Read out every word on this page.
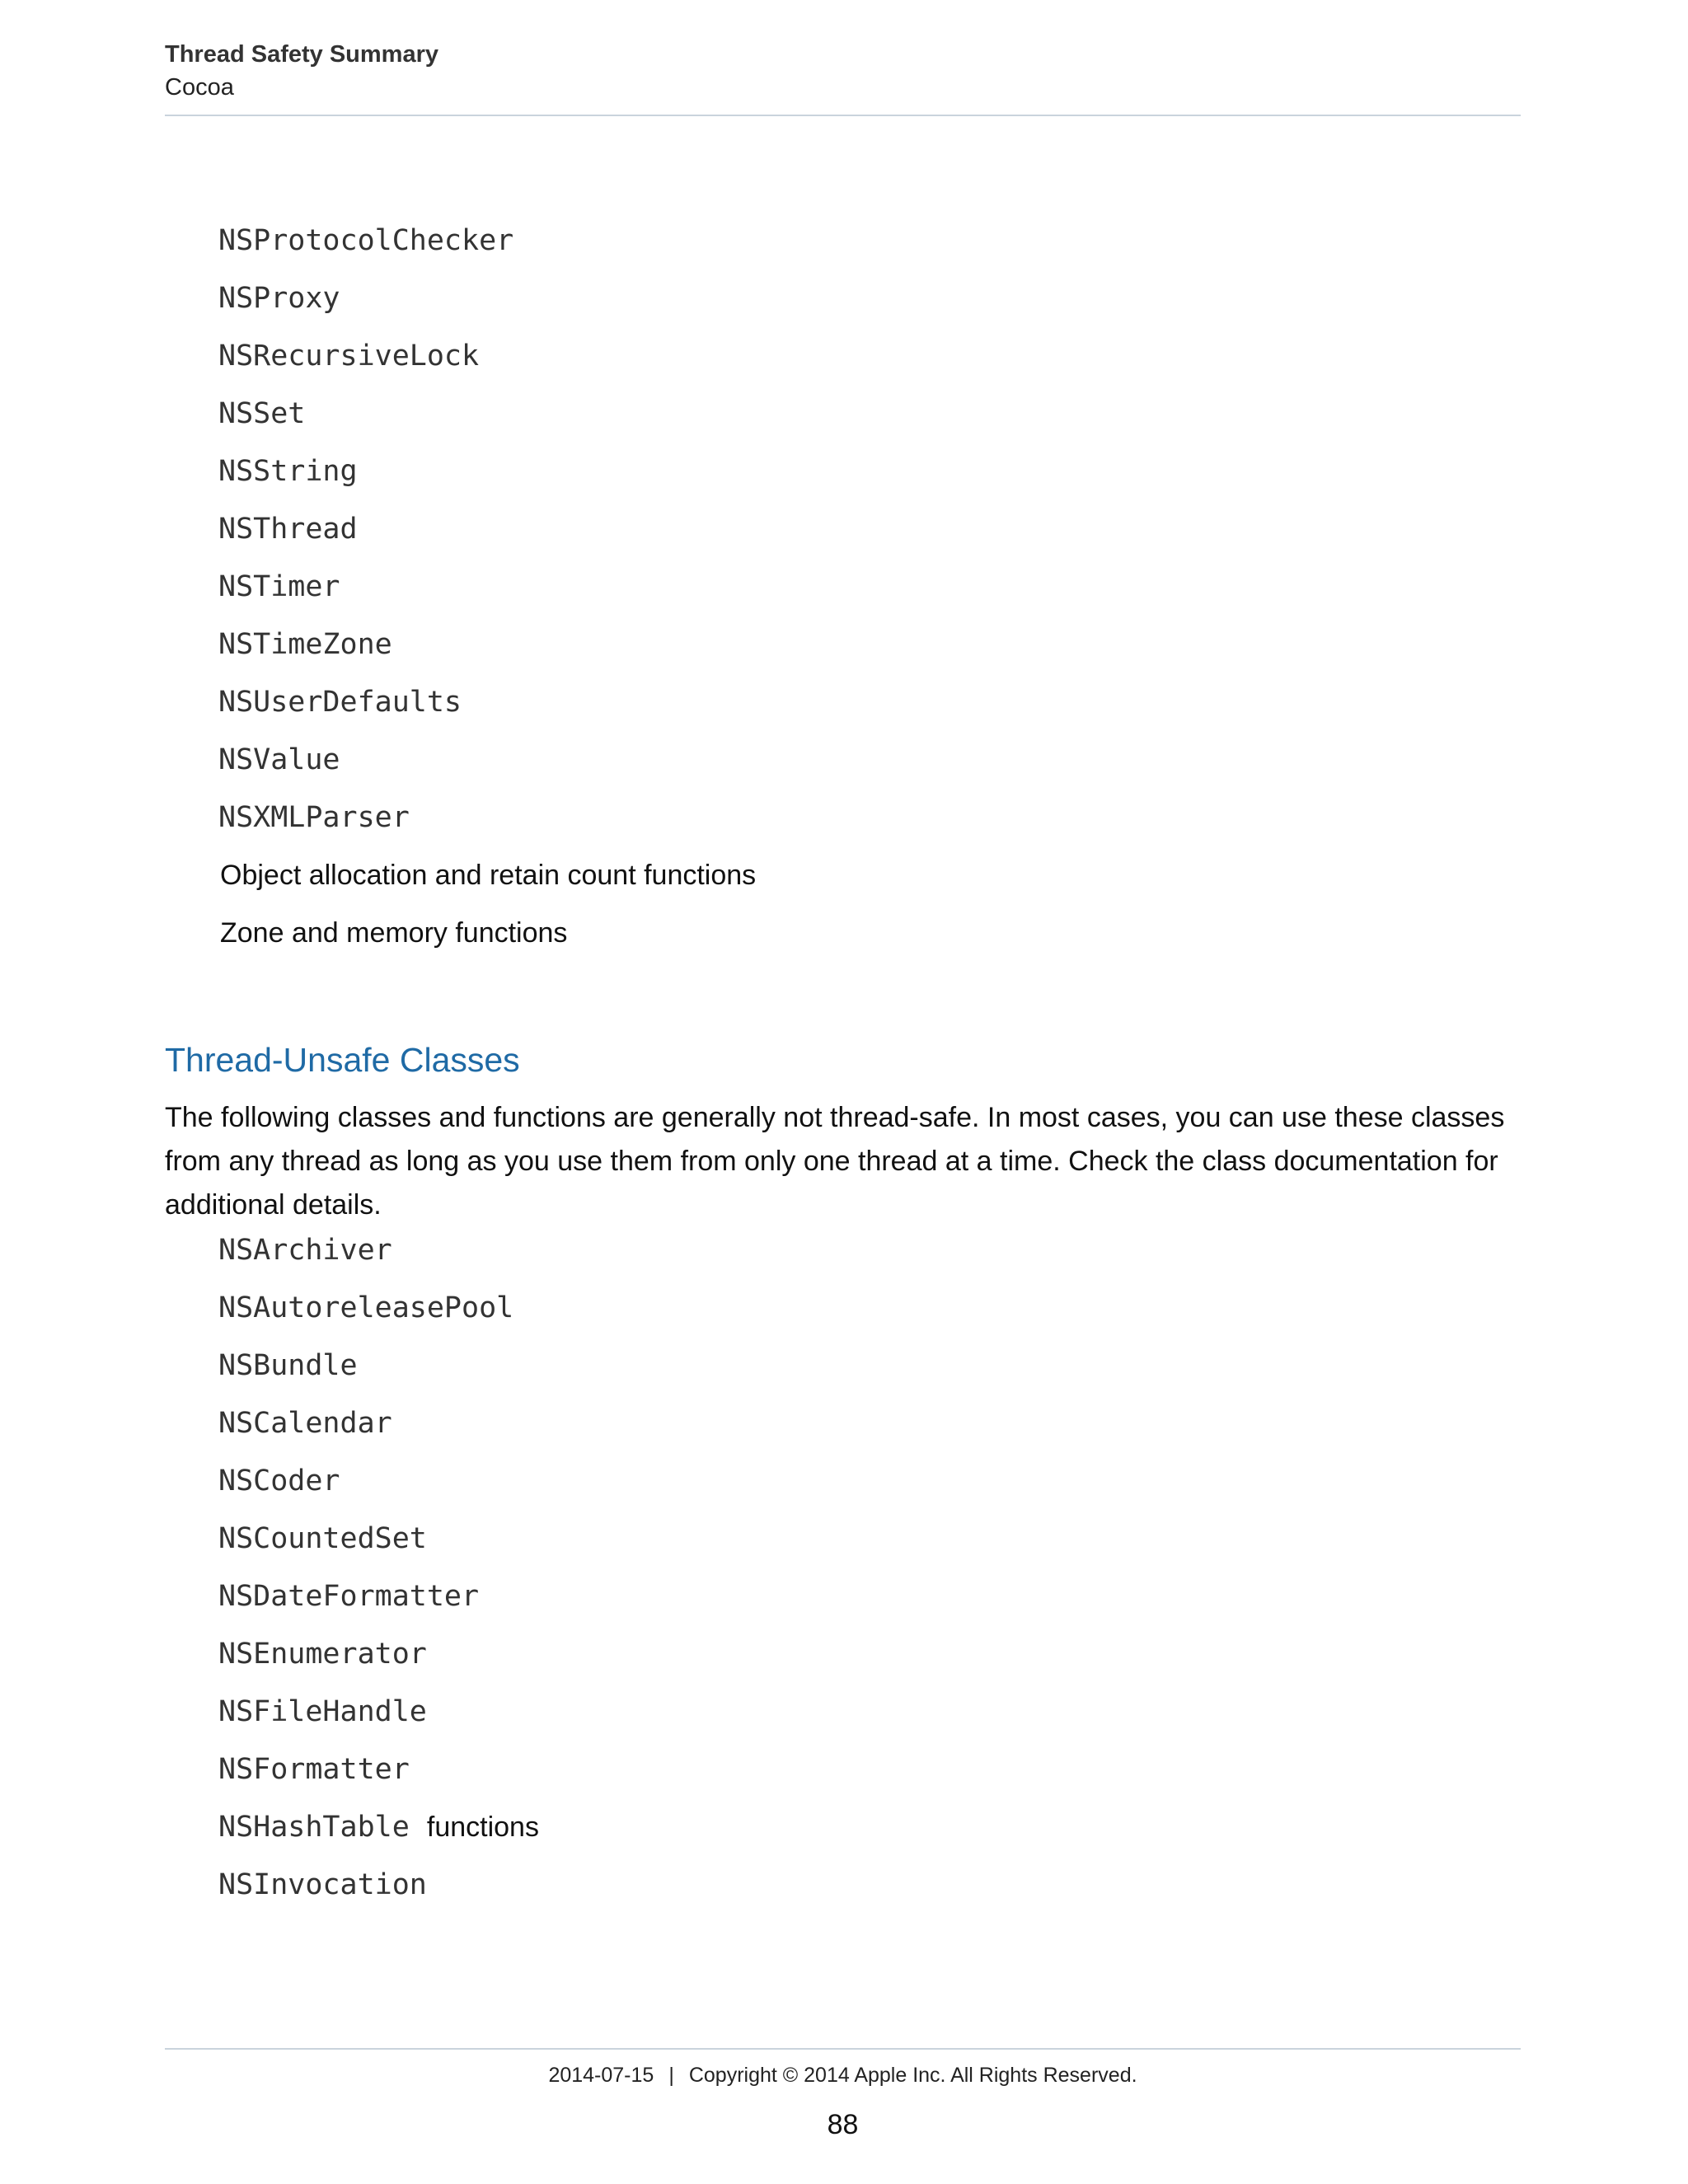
Thread Safety Summary
Cocoa
NSProtocolChecker
NSProxy
NSRecursiveLock
NSSet
NSString
NSThread
NSTimer
NSTimeZone
NSUserDefaults
NSValue
NSXMLParser
Object allocation and retain count functions
Zone and memory functions
Thread-Unsafe Classes
The following classes and functions are generally not thread-safe. In most cases, you can use these classes from any thread as long as you use them from only one thread at a time. Check the class documentation for additional details.
NSArchiver
NSAutoreleasePool
NSBundle
NSCalendar
NSCoder
NSCountedSet
NSDateFormatter
NSEnumerator
NSFileHandle
NSFormatter
NSHashTable functions
NSInvocation
2014-07-15 | Copyright © 2014 Apple Inc. All Rights Reserved.
88
